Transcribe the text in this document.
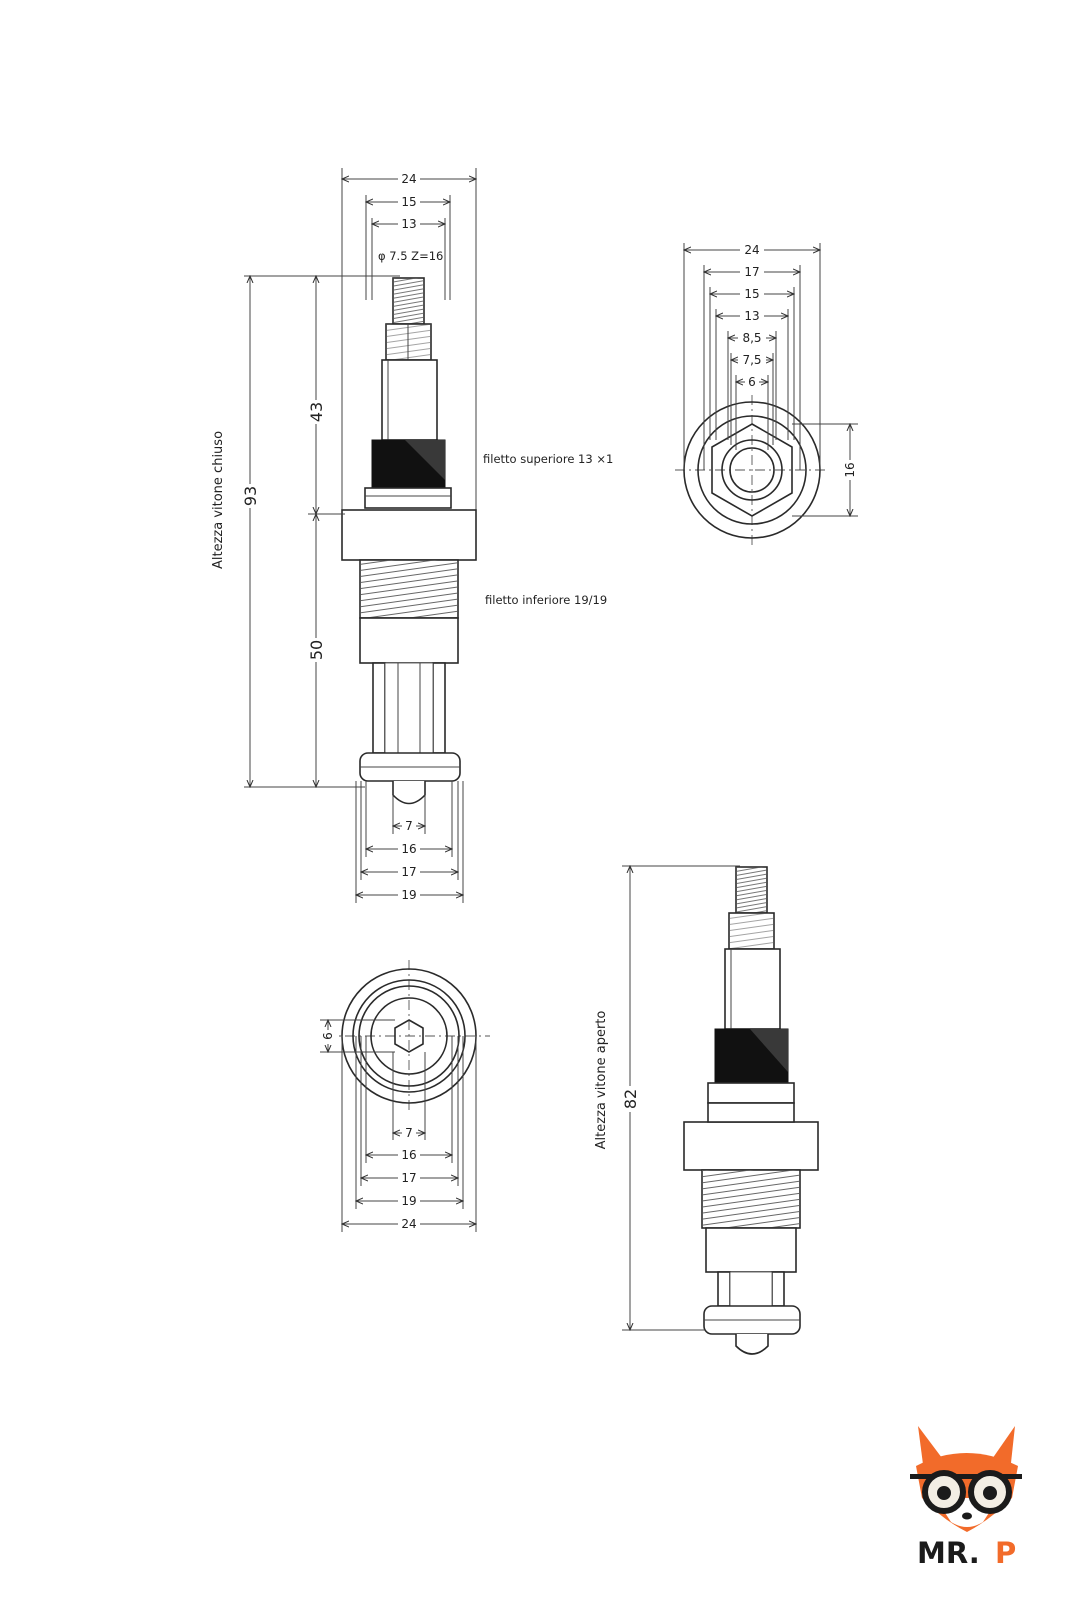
24
15
13
φ 7.5 Z=16
93
Altezza vitone chiuso
43
50
filetto superiore 13 ×1
filetto inferiore 19/19
7
16
17
19
24
17
15
13
8,5
7,5
6
16
6
7
16
17
19
24
82
Altezza vitone aperto
MR. P
